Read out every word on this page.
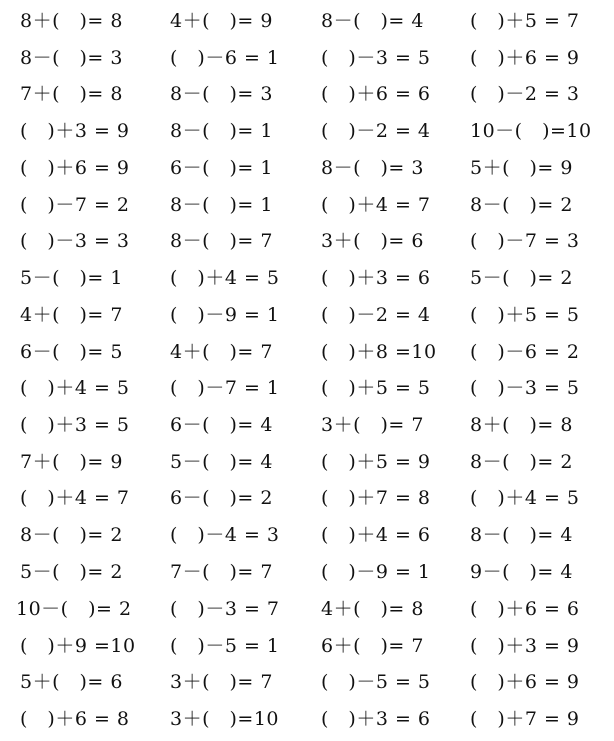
8＋(　)= 8	4＋(　)= 9	8－(　)= 4	(　)＋5 = 7
8－(　)= 3	(　)－6 = 1	(　)－3 = 5	(　)＋6 = 9
7＋(　)= 8	8－(　)= 3	(　)＋6 = 6	(　)－2 = 3
(　)＋3 = 9	8－(　)= 1	(　)－2 = 4	10－(　)=10
(　)＋6 = 9	6－(　)= 1	8－(　)= 3	5＋(　)= 9
(　)－7 = 2	8－(　)= 1	(　)＋4 = 7	8－(　)= 2
(　)－3 = 3	8－(　)= 7	3＋(　)= 6	(　)－7 = 3
5－(　)= 1	(　)＋4 = 5	(　)＋3 = 6	5－(　)= 2
4＋(　)= 7	(　)－9 = 1	(　)－2 = 4	(　)＋5 = 5
6－(　)= 5	4＋(　)= 7	(　)＋8 =10	(　)－6 = 2
(　)＋4 = 5	(　)－7 = 1	(　)＋5 = 5	(　)－3 = 5
(　)＋3 = 5	6－(　)= 4	3＋(　)= 7	8＋(　)= 8
7＋(　)= 9	5－(　)= 4	(　)＋5 = 9	8－(　)= 2
(　)＋4 = 7	6－(　)= 2	(　)＋7 = 8	(　)＋4 = 5
8－(　)= 2	(　)－4 = 3	(　)＋4 = 6	8－(　)= 4
5－(　)= 2	7－(　)= 7	(　)－9 = 1	9－(　)= 4
10－(　)= 2	(　)－3 = 7	4＋(　)= 8	(　)＋6 = 6
(　)＋9 =10	(　)－5 = 1	6＋(　)= 7	(　)＋3 = 9
5＋(　)= 6	3＋(　)= 7	(　)－5 = 5	(　)＋6 = 9
(　)＋6 = 8	3＋(　)=10	(　)＋3 = 6	(　)＋7 = 9
